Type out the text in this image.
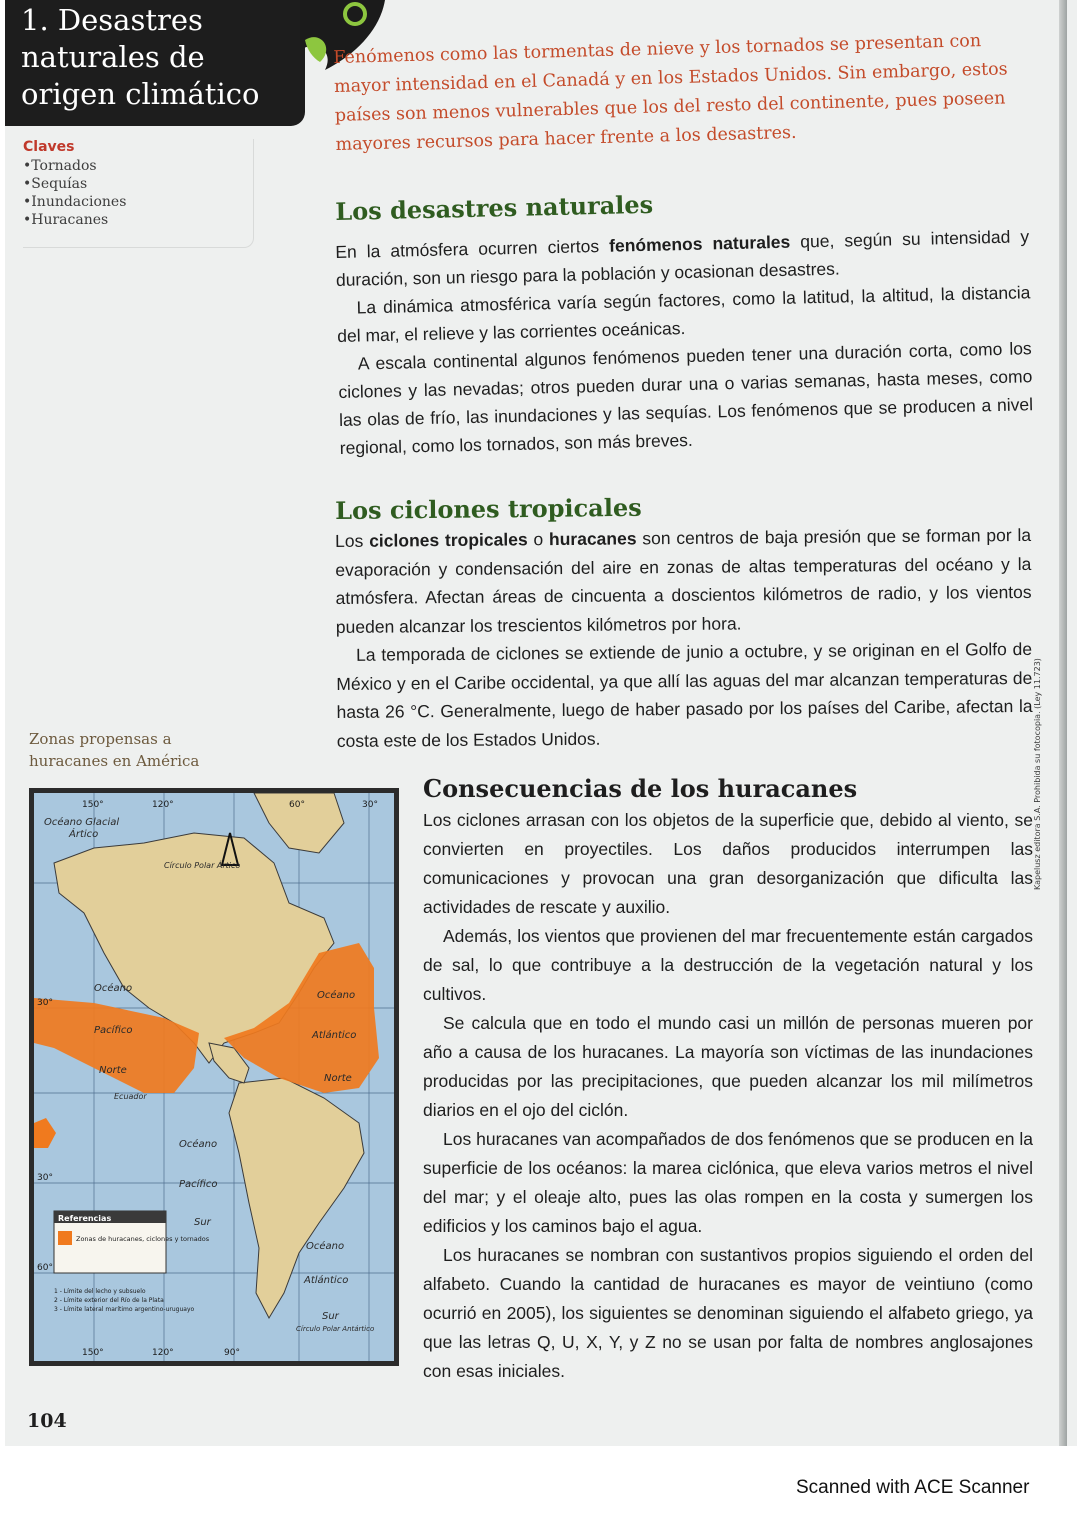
1. Desastres
naturales de
origen climático

Claves

• Tornados
• Sequías
• Inundaciones
• Huracanes
Fenómenos como las tormentas de nieve y los tornados se presentan con mayor intensidad en el Canadá y en los Estados Unidos. Sin embargo, estos países son menos vulnerables que los del resto del continente, pues poseen mayores recursos para hacer frente a los desastres.
Los desastres naturales

En la atmósfera ocurren ciertos fenómenos naturales que, según su intensidad y duración, son un riesgo para la población y ocasionan desastres.

La dinámica atmosférica varía según factores, como la latitud, la altitud, la distancia del mar, el relieve y las corrientes oceánicas.

A escala continental algunos fenómenos pueden tener una duración corta, como los ciclones y las nevadas; otros pueden durar una o varias semanas, hasta meses, como las olas de frío, las inundaciones y las sequías. Los fenómenos que se producen a nivel regional, como los tornados, son más breves.

Los ciclones tropicales

Los ciclones tropicales o huracanes son centros de baja presión que se forman por la evaporación y condensación del aire en zonas de altas temperaturas del océano y la atmósfera. Afectan áreas de cincuenta a doscientos kilómetros de radio, y los vientos pueden alcanzar los trescientos kilómetros por hora.

La temporada de ciclones se extiende de junio a octubre, y se originan en el Golfo de México y en el Caribe occidental, ya que allí las aguas del mar alcanzan temperaturas de hasta 26 °C. Generalmente, luego de haber pasado por los países del Caribe, afectan la costa este de los Estados Unidos.

Zonas propensas a
huracanes en América
Océano Glacial
Ártico
Círculo Polar Ártico
Océano
Pacífico
Norte
Océano
Atlántico
Norte
Ecuador
Océano
Pacífico
Sur
Océano
Atlántico
Sur
Círculo Polar Antártico
150°	120°	60°	30°
150°	120°	90°
30°
30°
60°
Referencias
Zonas de huracanes, ciclones y tornados
1 - Límite del lecho y subsuelo
2 - Límite exterior del Río de la Plata
3 - Límite lateral marítimo argentino-uruguayo
Consecuencias de los huracanes

Los ciclones arrasan con los objetos de la superficie que, debido al viento, se convierten en proyectiles. Los daños producidos interrumpen las comunicaciones y provocan una gran desorganización que dificulta las actividades de rescate y auxilio.

Además, los vientos que provienen del mar frecuentemente están cargados de sal, lo que contribuye a la destrucción de la vegetación natural y los cultivos.

Se calcula que en todo el mundo casi un millón de personas mueren por año a causa de los huracanes. La mayoría son víctimas de las inundaciones producidas por las precipitaciones, que pueden alcanzar los mil milímetros diarios en el ojo del ciclón.

Los huracanes van acompañados de dos fenómenos que se producen en la superficie de los océanos: la marea ciclónica, que eleva varios metros el nivel del mar; y el oleaje alto, pues las olas rompen en la costa y sumergen los edificios y los caminos bajo el agua.

Los huracanes se nombran con sustantivos propios siguiendo el orden del alfabeto. Cuando la cantidad de huracanes es mayor de veintiuno (como ocurrió en 2005), los siguientes se denominan siguiendo el alfabeto griego, ya que las letras Q, U, X, Y, y Z no se usan por falta de nombres anglosajones con esas iniciales.

Kapelusz editora S.A. Prohibida su fotocopia. (Ley 11.723)
104
Scanned with ACE Scanner
